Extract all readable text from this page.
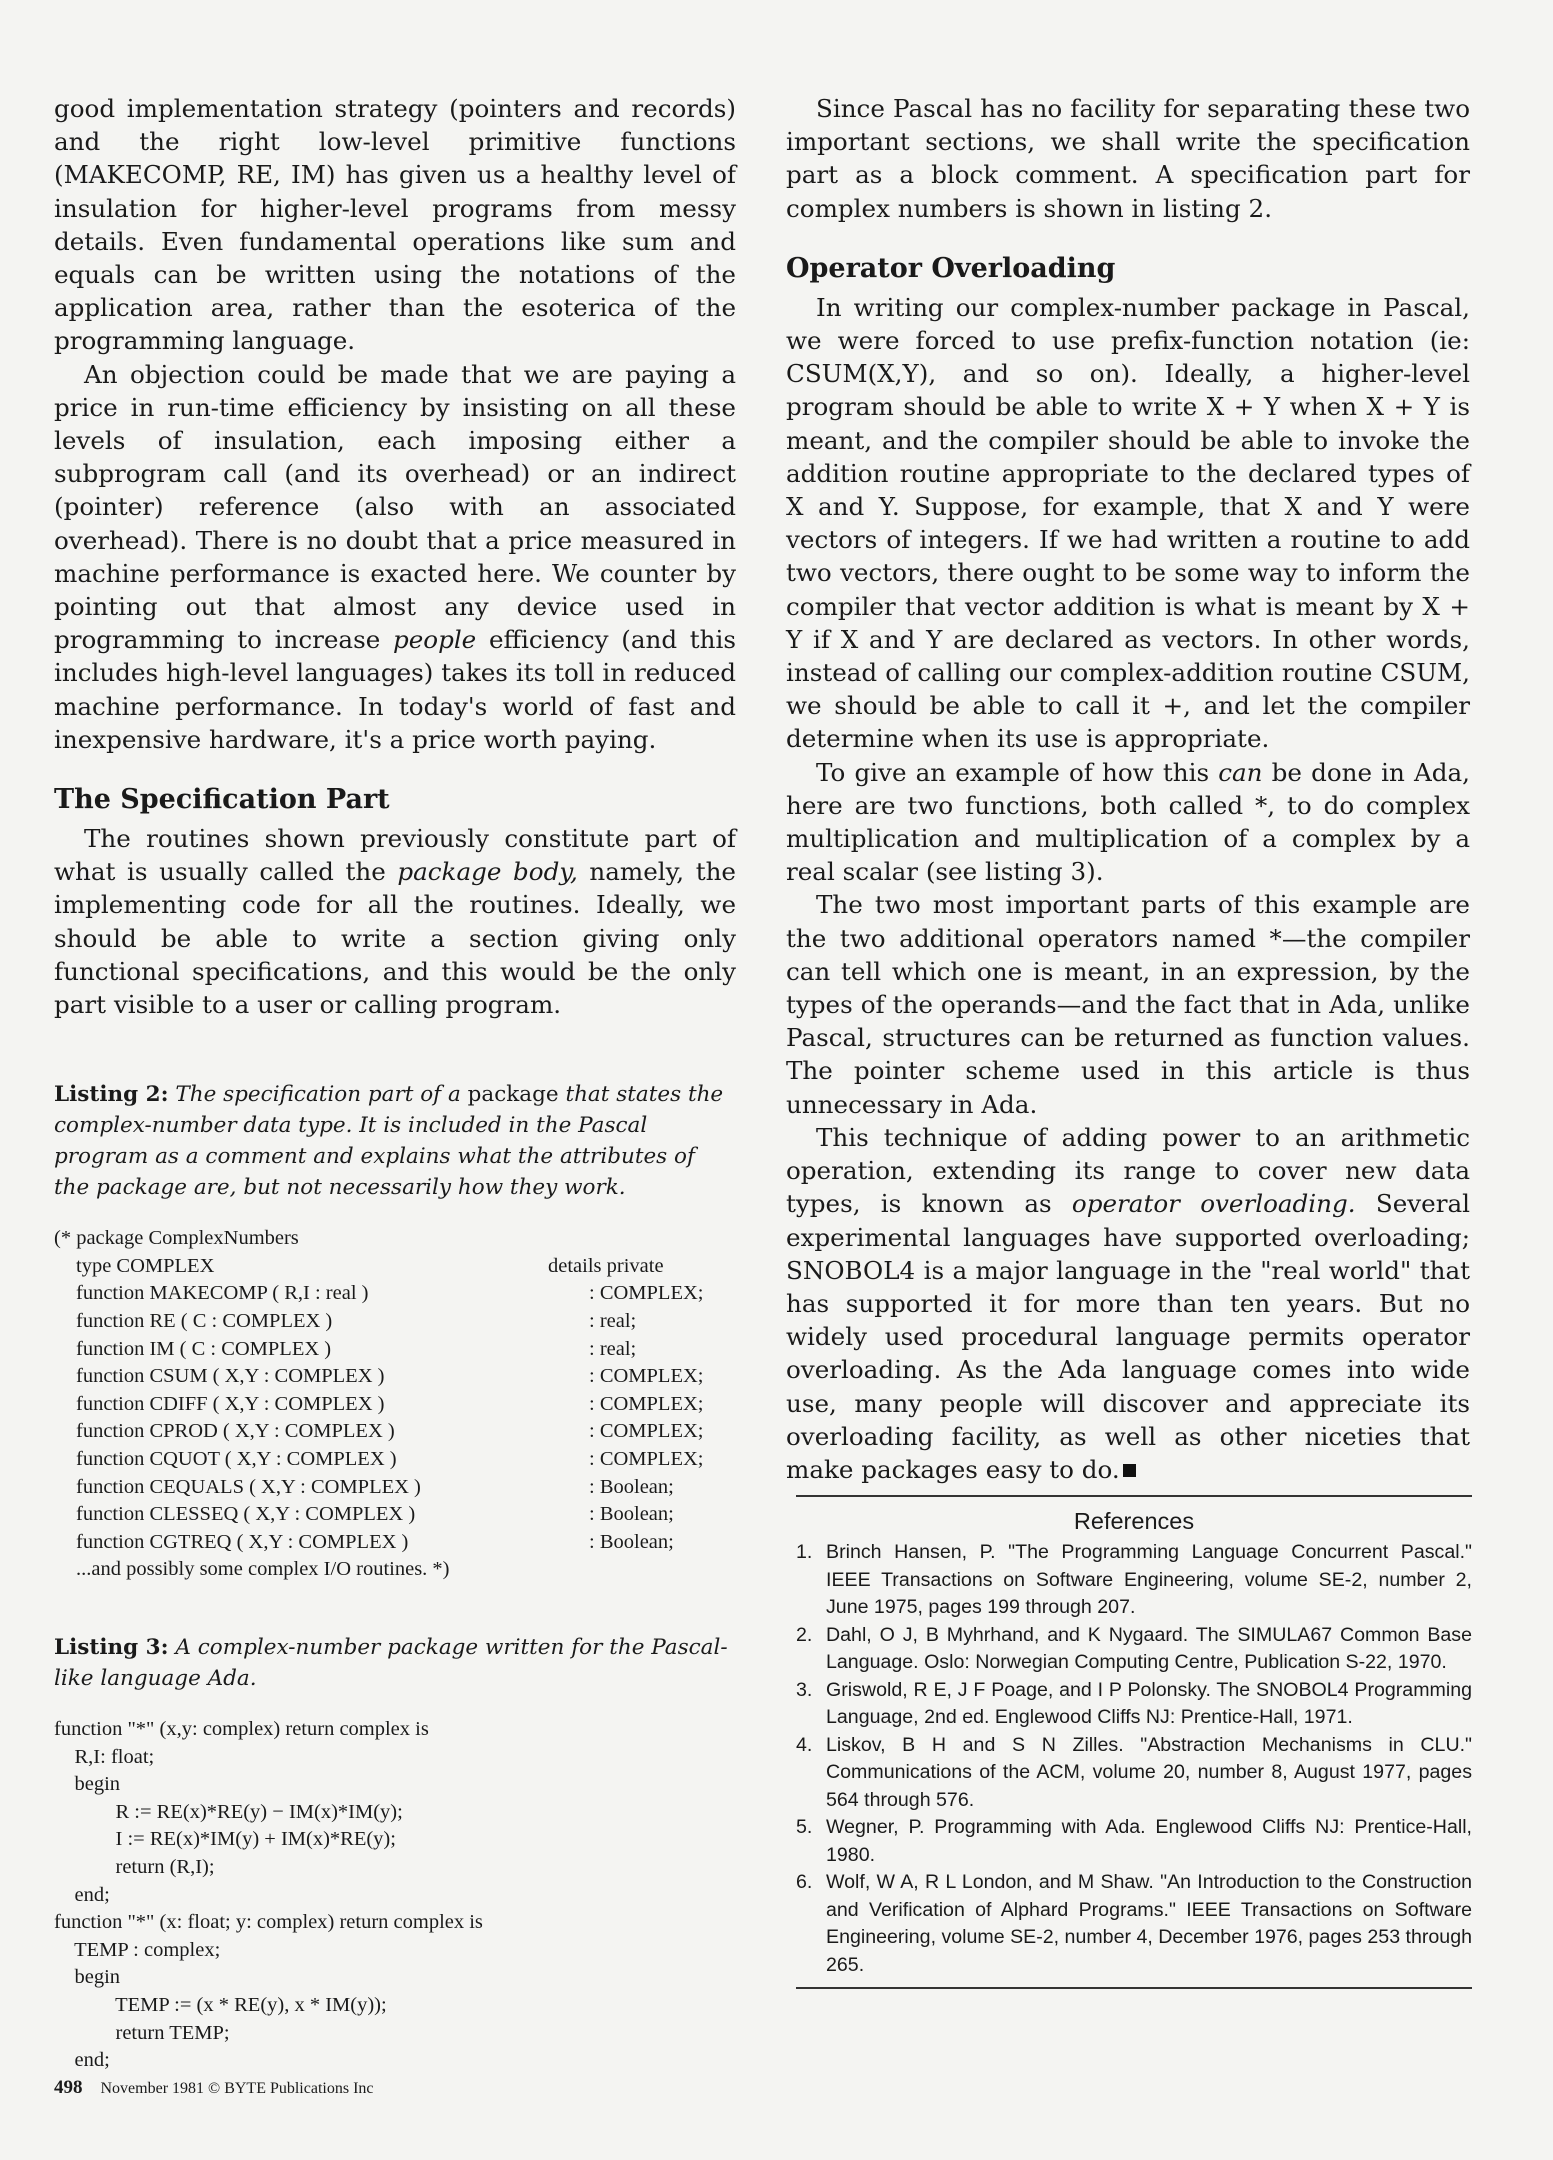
good implementation strategy (pointers and records) and the right low-level primitive functions (MAKECOMP, RE, IM) has given us a healthy level of insulation for higher-level programs from messy details. Even fundamental operations like sum and equals can be written using the notations of the application area, rather than the esoterica of the programming language.

An objection could be made that we are paying a price in run-time efficiency by insisting on all these levels of insulation, each imposing either a subprogram call (and its overhead) or an indirect (pointer) reference (also with an associated overhead). There is no doubt that a price measured in machine performance is exacted here. We counter by pointing out that almost any device used in programming to increase people efficiency (and this includes high-level languages) takes its toll in reduced machine performance. In today's world of fast and inexpensive hardware, it's a price worth paying.

The Specification Part

The routines shown previously constitute part of what is usually called the package body, namely, the implementing code for all the routines. Ideally, we should be able to write a section giving only functional specifications, and this would be the only part visible to a user or calling program.

Listing 2: The specification part of a package that states the complex-number data type. It is included in the Pascal program as a comment and explains what the attributes of the package are, but not necessarily how they work.

(* package ComplexNumbers
type COMPLEX	details private
function MAKECOMP ( R,I : real )	: COMPLEX;
function RE ( C : COMPLEX )	: real;
function IM ( C : COMPLEX )	: real;
function CSUM ( X,Y : COMPLEX )	: COMPLEX;
function CDIFF ( X,Y : COMPLEX )	: COMPLEX;
function CPROD ( X,Y : COMPLEX )	: COMPLEX;
function CQUOT ( X,Y : COMPLEX )	: COMPLEX;
function CEQUALS ( X,Y : COMPLEX )	: Boolean;
function CLESSEQ ( X,Y : COMPLEX )	: Boolean;
function CGTREQ ( X,Y : COMPLEX )	: Boolean;
...and possibly some complex I/O routines. *)

Listing 3: A complex-number package written for the Pascal-like language Ada.

function "*" (x,y: complex) return complex is
R,I: float;
begin
R := RE(x)*RE(y) − IM(x)*IM(y);
I := RE(x)*IM(y) + IM(x)*RE(y);
return (R,I);
end;
function "*" (x: float; y: complex) return complex is
TEMP : complex;
begin
TEMP := (x * RE(y), x * IM(y));
return TEMP;
end;

Since Pascal has no facility for separating these two important sections, we shall write the specification part as a block comment. A specification part for complex numbers is shown in listing 2.

Operator Overloading

In writing our complex-number package in Pascal, we were forced to use prefix-function notation (ie: CSUM(X,Y), and so on). Ideally, a higher-level program should be able to write X + Y when X + Y is meant, and the compiler should be able to invoke the addition routine appropriate to the declared types of X and Y. Suppose, for example, that X and Y were vectors of integers. If we had written a routine to add two vectors, there ought to be some way to inform the compiler that vector addition is what is meant by X + Y if X and Y are declared as vectors. In other words, instead of calling our complex-addition routine CSUM, we should be able to call it +, and let the compiler determine when its use is appropriate.

To give an example of how this can be done in Ada, here are two functions, both called *, to do complex multiplication and multiplication of a complex by a real scalar (see listing 3).

The two most important parts of this example are the two additional operators named *—the compiler can tell which one is meant, in an expression, by the types of the operands—and the fact that in Ada, unlike Pascal, structures can be returned as function values. The pointer scheme used in this article is thus unnecessary in Ada.

This technique of adding power to an arithmetic operation, extending its range to cover new data types, is known as operator overloading. Several experimental languages have supported overloading; SNOBOL4 is a major language in the "real world" that has supported it for more than ten years. But no widely used procedural language permits operator overloading. As the Ada language comes into wide use, many people will discover and appreciate its overloading facility, as well as other niceties that make packages easy to do.

References
1. Brinch Hansen, P. "The Programming Language Concurrent Pascal." IEEE Transactions on Software Engineering, volume SE-2, number 2, June 1975, pages 199 through 207.
2. Dahl, O J, B Myhrhand, and K Nygaard. The SIMULA67 Common Base Language. Oslo: Norwegian Computing Centre, Publication S-22, 1970.
3. Griswold, R E, J F Poage, and I P Polonsky. The SNOBOL4 Programming Language, 2nd ed. Englewood Cliffs NJ: Prentice-Hall, 1971.
4. Liskov, B H and S N Zilles. "Abstraction Mechanisms in CLU." Communications of the ACM, volume 20, number 8, August 1977, pages 564 through 576.
5. Wegner, P. Programming with Ada. Englewood Cliffs NJ: Prentice-Hall, 1980.
6. Wolf, W A, R L London, and M Shaw. "An Introduction to the Construction and Verification of Alphard Programs." IEEE Transactions on Software Engineering, volume SE-2, number 4, December 1976, pages 253 through 265.
498 November 1981 © BYTE Publications Inc
